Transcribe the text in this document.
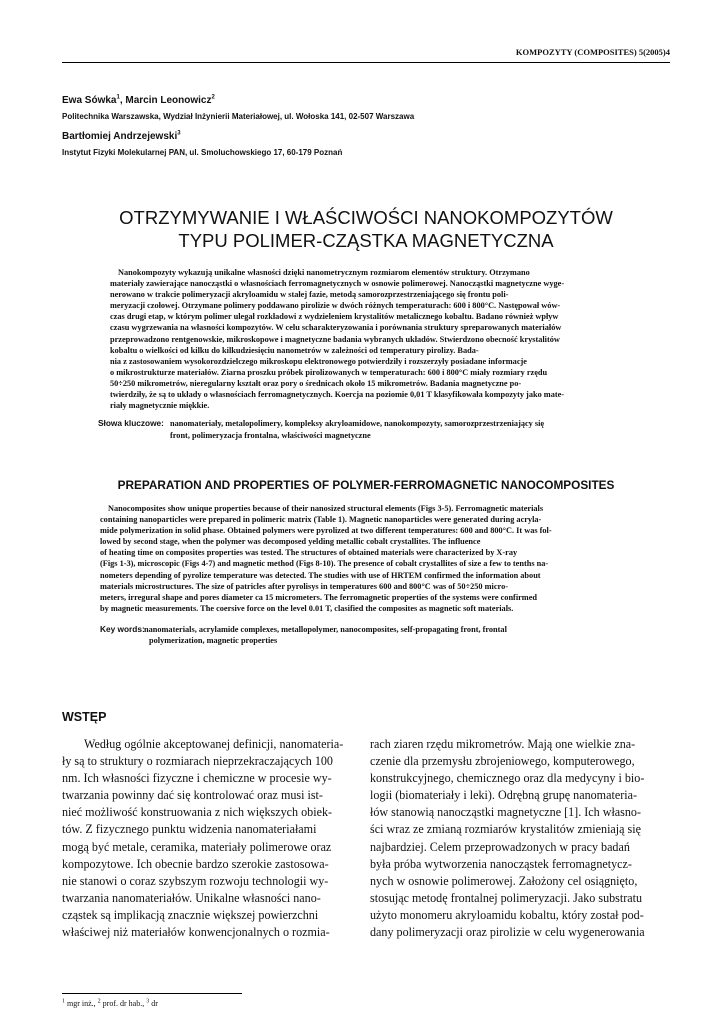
KOMPOZYTY (COMPOSITES) 5(2005)4
Ewa Sówka$^1$, Marcin Leonowicz$^2$
Politechnika Warszawska, Wydział Inżynierii Materiałowej, ul. Wołoska 141, 02-507 Warszawa
Bartłomiej Andrzejewski$^3$
Instytut Fizyki Molekularnej PAN, ul. Smoluchowskiego 17, 60-179 Poznań
OTRZYMYWANIE I WŁAŚCIWOŚCI NANOKOMPOZYTÓW
TYPU POLIMER-CZĄSTKA MAGNETYCZNA
Nanokompozyty wykazują unikalne własności dzięki nanometrycznym rozmiarom elementów struktury. Otrzymano
materiały zawierające nanocząstki o własnościach ferromagnetycznych w osnowie polimerowej. Nanocząstki magnetyczne wyge-
nerowano w trakcie polimeryzacji akryloamidu w stałej fazie, metodą samorozprzestrzeniającego się frontu poli-
meryzacji czołowej. Otrzymane polimery poddawano pirolizie w dwóch różnych temperaturach: 600 i 800°C. Następował wów-
czas drugi etap, w którym polimer ulegał rozkładowi z wydzieleniem krystalitów metalicznego kobaltu. Badano również wpływ
czasu wygrzewania na własności kompozytów. W celu scharakteryzowania i porównania struktury spreparowanych materiałów
przeprowadzono rentgenowskie, mikroskopowe i magnetyczne badania wybranych układów. Stwierdzono obecność krystalitów
kobaltu o wielkości od kilku do kilkudziesięciu nanometrów w zależności od temperatury pirolizy. Bada-
nia z zastosowaniem wysokorozdzielczego mikroskopu elektronowego potwierdziły i rozszerzyły posiadane informacje
o mikrostrukturze materiałów. Ziarna proszku próbek pirolizowanych w temperaturach: 600 i 800°C miały rozmiary rzędu
50÷250 mikrometrów, nieregularny kształt oraz pory o średnicach około 15 mikrometrów. Badania magnetyczne po-
twierdziły, że są to układy o własnościach ferromagnetycznych. Koercja na poziomie 0,01 T klasyfikowała kompozyty jako mate-
riały magnetycznie miękkie.
Słowa kluczowe: nanomateriały, metalopolimery, kompleksy akryloamidowe, nanokompozyty, samorozprzestrzeniający się
front, polimeryzacja frontalna, właściwości magnetyczne
PREPARATION AND PROPERTIES OF POLYMER-FERROMAGNETIC NANOCOMPOSITES
Nanocomposites show unique properties because of their nanosized structural elements (Figs 3-5). Ferromagnetic materials
containing nanoparticles were prepared in polimeric matrix (Table 1). Magnetic nanoparticles were generated during acryla-
mide polymerization in solid phase. Obtained polymers were pyrolized at two different temperatures: 600 and 800°C. It was fol-
lowed by second stage, when the polymer was decomposed yelding metallic cobalt crystallites. The influence
of heating time on composites properties was tested. The structures of obtained materials were characterized by X-ray
(Figs 1-3), microscopic (Figs 4-7) and magnetic method (Figs 8-10). The presence of cobalt crystallites of size a few to tenths na-
nometers depending of pyrolize temperature was detected. The studies with use of HRTEM confirmed the information about
materials microstructures. The size of patricles after pyrolisys in temperatures 600 and 800°C was of 50÷250 micro-
meters, irregural shape and pores diameter ca 15 micrometers. The ferromagnetic properties of the systems were confirmed
by magnetic measurements. The coersive force on the level 0.01 T, clasified the composites as magnetic soft materials.
Key words: nanomaterials, acrylamide complexes, metallopolymer, nanocomposites, self-propagating front, frontal
polymerization, magnetic properties
WSTĘP
Według ogólnie akceptowanej definicji, nanomateria-
ły są to struktury o rozmiarach nieprzekraczających 100
nm. Ich własności fizyczne i chemiczne w procesie wy-
twarzania powinny dać się kontrolować oraz musi ist-
nieć możliwość konstruowania z nich większych obiek-
tów. Z fizycznego punktu widzenia nanomateriałami
mogą być metale, ceramika, materiały polimerowe oraz
kompozytowe. Ich obecnie bardzo szerokie zastosowa-
nie stanowi o coraz szybszym rozwoju technologii wy-
twarzania nanomateriałów. Unikalne własności nano-
cząstek są implikacją znacznie większej powierzchni
właściwej niż materiałów konwencjonalnych o rozmia-
rach ziaren rzędu mikrometrów. Mają one wielkie zna-
czenie dla przemysłu zbrojeniowego, komputerowego,
konstrukcyjnego, chemicznego oraz dla medycyny i bio-
logii (biomateriały i leki). Odrębną grupę nanomateria-
łów stanowią nanocząstki magnetyczne [1]. Ich własno-
ści wraz ze zmianą rozmiarów krystalitów zmieniają się
najbardziej. Celem przeprowadzonych w pracy badań
była próba wytworzenia nanocząstek ferromagnetycz-
nych w osnowie polimerowej. Założony cel osiągnięto,
stosując metodę frontalnej polimeryzacji. Jako substratu
użyto monomeru akryloamidu kobaltu, który został pod-
dany polimeryzacji oraz pirolizie w celu wygenerowania
$^1$ mgr inż., $^2$ prof. dr hab., $^3$ dr
